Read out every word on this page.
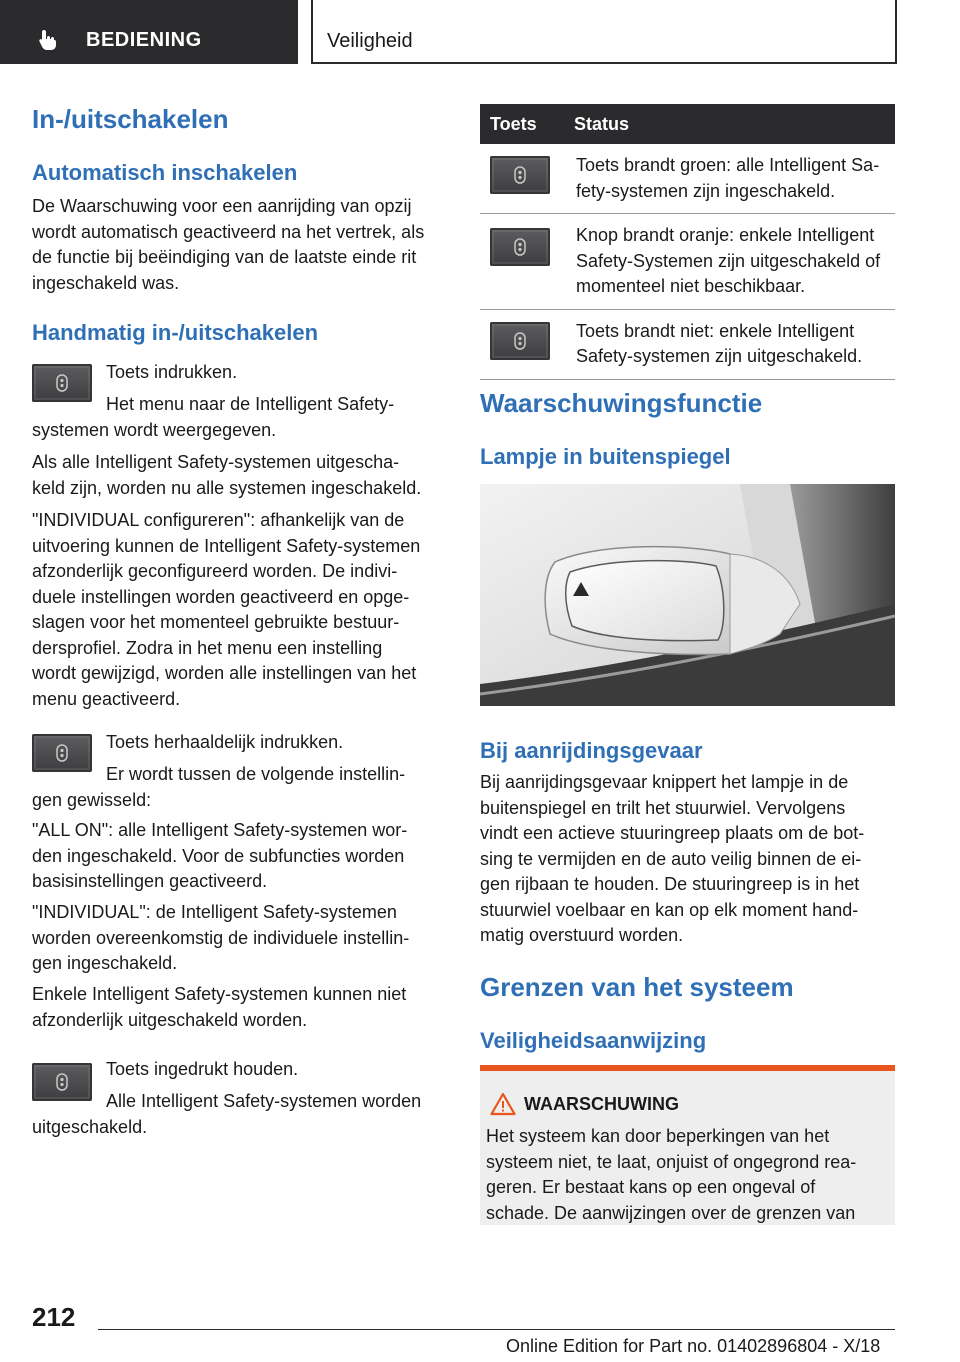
BEDIENING	Veiligheid
In-/uitschakelen
Automatisch inschakelen
De Waarschuwing voor een aanrijding van opzij
wordt automatisch geactiveerd na het vertrek, als
de functie bij beëindiging van de laatste einde rit
ingeschakeld was.
Handmatig in-/uitschakelen
Toets indrukken.
Het menu naar de Intelligent Safety-
systemen wordt weergegeven.
Als alle Intelligent Safety-systemen uitgescha-
keld zijn, worden nu alle systemen ingeschakeld.
"INDIVIDUAL configureren": afhankelijk van de
uitvoering kunnen de Intelligent Safety-systemen
afzonderlijk geconfigureerd worden. De indivi-
duele instellingen worden geactiveerd en opge-
slagen voor het momenteel gebruikte bestuur-
dersprofiel. Zodra in het menu een instelling
wordt gewijzigd, worden alle instellingen van het
menu geactiveerd.
Toets herhaaldelijk indrukken.
Er wordt tussen de volgende instellin-
gen gewisseld:
"ALL ON": alle Intelligent Safety-systemen wor-
den ingeschakeld. Voor de subfuncties worden
basisinstellingen geactiveerd.
"INDIVIDUAL": de Intelligent Safety-systemen
worden overeenkomstig de individuele instellin-
gen ingeschakeld.
Enkele Intelligent Safety-systemen kunnen niet
afzonderlijk uitgeschakeld worden.
Toets ingedrukt houden.
Alle Intelligent Safety-systemen worden
uitgeschakeld.
Toets	Status

Toets brandt groen: alle Intelligent Sa-
fety-systemen zijn ingeschakeld.

Knop brandt oranje: enkele Intelligent
Safety-Systemen zijn uitgeschakeld of
momenteel niet beschikbaar.

Toets brandt niet: enkele Intelligent
Safety-systemen zijn uitgeschakeld.
Waarschuwingsfunctie
Lampje in buitenspiegel
Bij aanrijdingsgevaar
Bij aanrijdingsgevaar knippert het lampje in de
buitenspiegel en trilt het stuurwiel. Vervolgens
vindt een actieve stuuringreep plaats om de bot-
sing te vermijden en de auto veilig binnen de ei-
gen rijbaan te houden. De stuuringreep is in het
stuurwiel voelbaar en kan op elk moment hand-
matig overstuurd worden.
Grenzen van het systeem
Veiligheidsaanwijzing
WAARSCHUWING
Het systeem kan door beperkingen van het
systeem niet, te laat, onjuist of ongegrond rea-
geren. Er bestaat kans op een ongeval of
schade. De aanwijzingen over de grenzen van
212
Online Edition for Part no. 01402896804 - X/18
